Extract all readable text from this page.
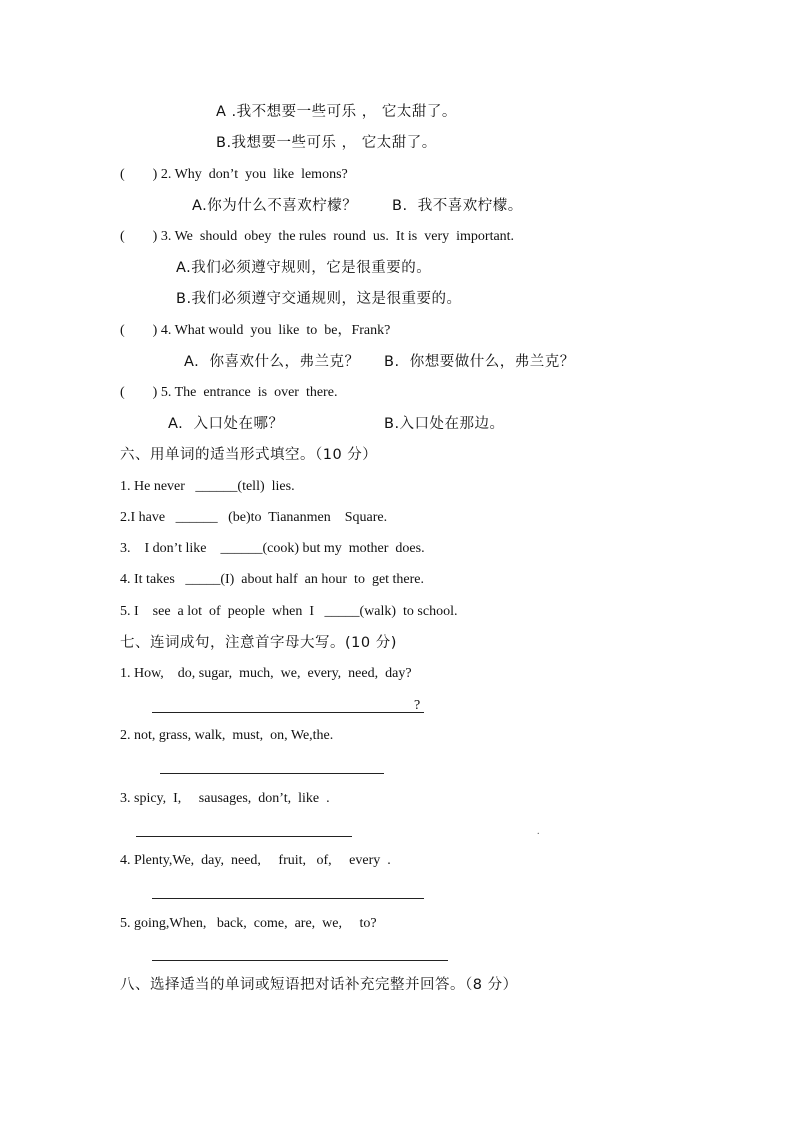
A .我不想要一些可乐 ， 它太甜了。
B.我想要一些可乐 ， 它太甜了。
(        ) 2. Why  don’t  you  like  lemons?
A.你为什么不喜欢柠檬？ B.  我不喜欢柠檬。
(        ) 3. We  should  obey  the rules  round  us.  It is  very  important.
A.我们必须遵守规则，它是很重要的。
B.我们必须遵守交通规则，这是很重要的。
(        ) 4. What would  you  like  to  be，Frank?
A.  你喜欢什么，弗兰克？ B.  你想要做什么，弗兰克？
(        ) 5. The  entrance  is  over  there.
A.  入口处在哪？	B.入口处在那边。
六、用单词的适当形式填空。（10 分）
1. He never   ______(tell)  lies.
2.I have   ______   (be)to  Tiananmen    Square.
3.    I don’t like    ______(cook) but my  mother  does.
4. It takes   _____(I)  about half  an hour  to  get there.
5. I    see  a lot  of  people  when  I   _____(walk)  to school.
七、连词成句，注意首字母大写。(10 分)
1. How,    do, sugar,  much,  we,  every,  need,  day?
?
2. not, grass, walk,  must,  on, We,the.
3. spicy,  I,     sausages,  don’t,  like  .
.
4. Plenty,We,  day,  need,     fruit,   of,     every  .
5. going,When,   back,  come,  are,  we,     to?
八、选择适当的单词或短语把对话补充完整并回答。（8 分）
